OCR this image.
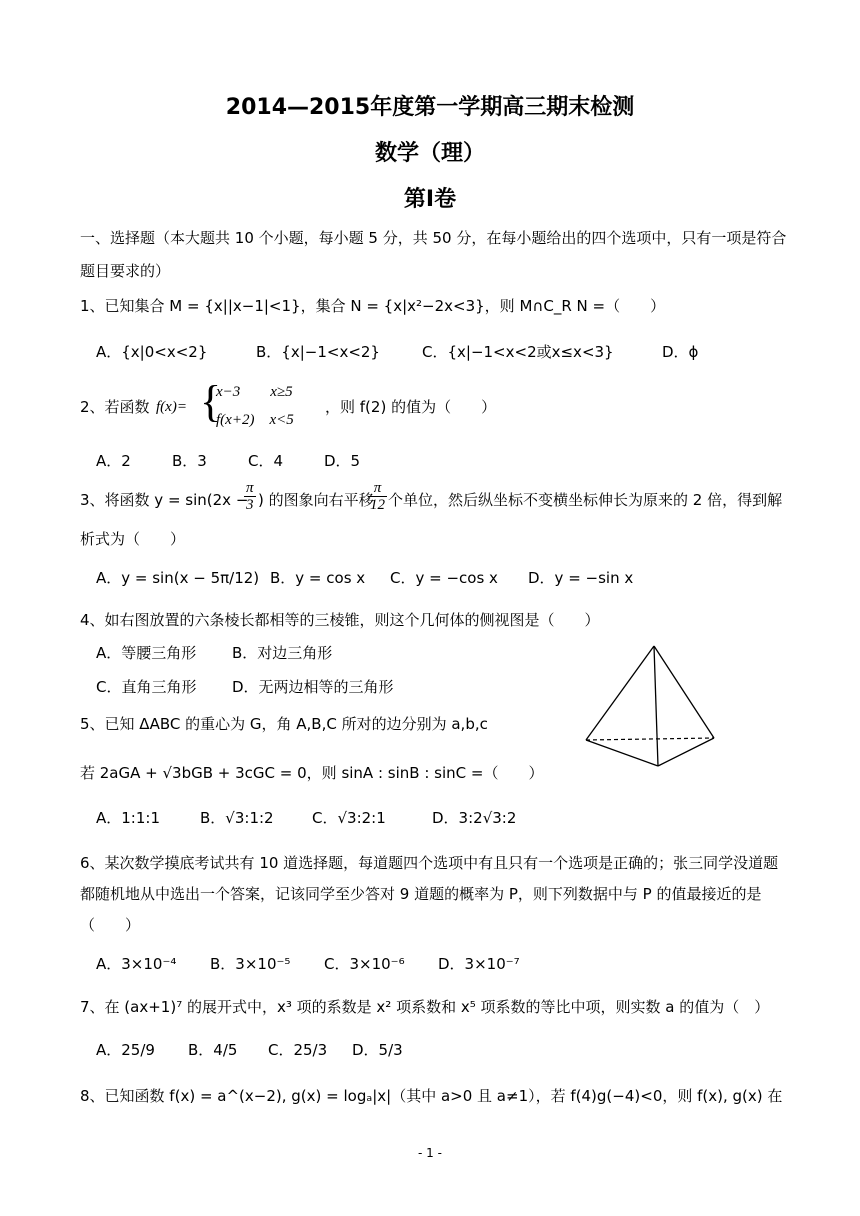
2014—2015年度第一学期高三期末检测
数学（理）
第Ⅰ卷
一、选择题（本大题共 10 个小题，每小题 5 分，共 50 分，在每小题给出的四个选项中，只有一项是符合
题目要求的）
1、已知集合 M = {x||x−1|<1}，集合 N = {x|x²−2x<3}，则 M∩C_R N =（　　）
A．{x|0<x<2}	B．{x|−1<x<2}	C．{x|−1<x<2或x≤x<3}	D．ϕ
2、若函数 f(x)= {
x−3　　x≥5
f(x+2)　x<5
，则 f(2) 的值为（　　）
A．2	B．3	C．4	D．5
3、将函数 y = sin(2x −
$\frac{\pi}{3}$ ) 的图象向右平移
$\frac{\pi}{12}$ 个单位，然后纵坐标不变横坐标伸长为原来的 2 倍，得到解
析式为（　　）
A．y = sin(x − 5π/12) B．y = cos x C．y = −cos x D．y = −sin x
4、如右图放置的六条棱长都相等的三棱锥，则这个几何体的侧视图是（　　）
A．等腰三角形 B．对边三角形
C．直角三角形 D．无两边相等的三角形
5、已知 ΔABC 的重心为 G，角 A,B,C 所对的边分别为 a,b,c
若 2aGA + √3bGB + 3cGC = 0，则 sinA : sinB : sinC =（　　）
A．1:1:1	B．√3:1:2	C．√3:2:1	D．3:2√3:2
6、某次数学摸底考试共有 10 道选择题，每道题四个选项中有且只有一个选项是正确的；张三同学没道题
都随机地从中选出一个答案，记该同学至少答对 9 道题的概率为 P，则下列数据中与 P 的值最接近的是
（　　）
A．3×10⁻⁴ B．3×10⁻⁵ C．3×10⁻⁶ D．3×10⁻⁷
7、在 (ax+1)⁷ 的展开式中，x³ 项的系数是 x² 项系数和 x⁵ 项系数的等比中项，则实数 a 的值为（　）
A．25/9 B．4/5 C．25/3 D．5/3
8、已知函数 f(x) = a^(x−2), g(x) = logₐ|x|（其中 a>0 且 a≠1），若 f(4)g(−4)<0，则 f(x), g(x) 在
- 1 -
